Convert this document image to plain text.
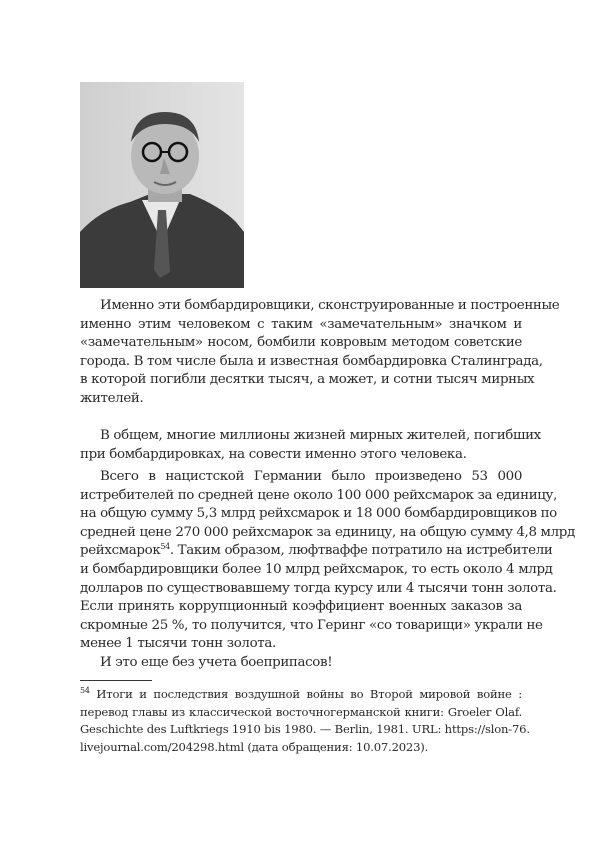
Именно эти бомбардировщики, сконструированные и построенные
именно этим человеком с таким «замечательным» значком и
«замечательным» носом, бомбили ковровым методом советские
города. В том числе была и известная бомбардировка Сталинграда,
в которой погибли десятки тысяч, а может, и сотни тысяч мирных
жителей.
В общем, многие миллионы жизней мирных жителей, погибших
при бомбардировках, на совести именно этого человека.
Всего в нацистской Германии было произведено 53 000
истребителей по средней цене около 100 000 рейхсмарок за единицу,
на общую сумму 5,3 млрд рейхсмарок и 18 000 бомбардировщиков по
средней цене 270 000 рейхсмарок за единицу, на общую сумму 4,8 млрд
рейхсмарок$^{54}$. Таким образом, люфтваффе потратило на истребители
и бомбардировщики более 10 млрд рейхсмарок, то есть около 4 млрд
долларов по существовавшему тогда курсу или 4 тысячи тонн золота.
Если принять коррупционный коэффициент военных заказов за
скромные 25 %, то получится, что Геринг «со товарищи» украли не
менее 1 тысячи тонн золота.
И это еще без учета боеприпасов!
$^{54}$ Итоги и последствия воздушной войны во Второй мировой войне :
перевод главы из классической восточногерманской книги: Groeler Olaf.
Geschichte des Luftkriegs 1910 bis 1980. — Berlin, 1981. URL: https://slon-76.
livejournal.com/204298.html (дата обращения: 10.07.2023).
